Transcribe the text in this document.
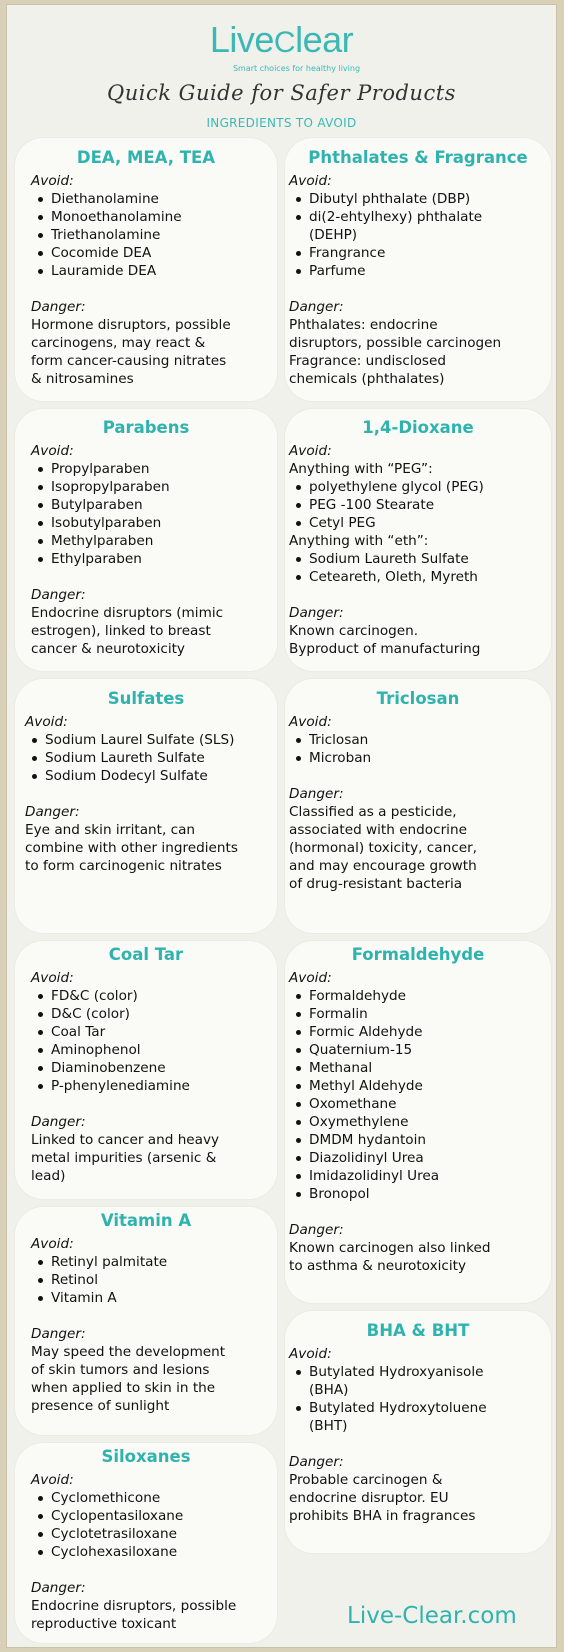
LiveClear
Smart choices for healthy living
Quick Guide for Safer Products
INGREDIENTS TO AVOID
DEA, MEA, TEA
Avoid:
Diethanolamine
Monoethanolamine
Triethanolamine
Cocomide DEA
Lauramide DEA
Danger:
Hormone disruptors, possible
carcinogens, may react &
form cancer-causing nitrates
& nitrosamines
Phthalates & Fragrance
Avoid:
Dibutyl phthalate (DBP)
di(2-ehtylhexy) phthalate (DEHP)
Frangrance
Parfume
Danger:
Phthalates: endocrine
disruptors, possible carcinogen
Fragrance: undisclosed
chemicals (phthalates)
Parabens
Avoid:
Propylparaben
Isopropylparaben
Butylparaben
Isobutylparaben
Methylparaben
Ethylparaben
Danger:
Endocrine disruptors (mimic
estrogen), linked to breast
cancer & neurotoxicity
1,4-Dioxane
Avoid:
Anything with “PEG”:
polyethylene glycol (PEG)
PEG -100 Stearate
Cetyl PEG
Anything with “eth”:
Sodium Laureth Sulfate
Ceteareth, Oleth, Myreth
Danger:
Known carcinogen.
Byproduct of manufacturing
Sulfates
Avoid:
Sodium Laurel Sulfate (SLS)
Sodium Laureth Sulfate
Sodium Dodecyl Sulfate
Danger:
Eye and skin irritant, can
combine with other ingredients
to form carcinogenic nitrates
Triclosan
Avoid:
Triclosan
Microban
Danger:
Classified as a pesticide,
associated with endocrine
(hormonal) toxicity, cancer,
and may encourage growth
of drug-resistant bacteria
Coal Tar
Avoid:
FD&C (color)
D&C (color)
Coal Tar
Aminophenol
Diaminobenzene
P-phenylenediamine
Danger:
Linked to cancer and heavy
metal impurities (arsenic &
lead)
Formaldehyde
Avoid:
Formaldehyde
Formalin
Formic Aldehyde
Quaternium-15
Methanal
Methyl Aldehyde
Oxomethane
Oxymethylene
DMDM hydantoin
Diazolidinyl Urea
Imidazolidinyl Urea
Bronopol
Danger:
Known carcinogen also linked
to asthma & neurotoxicity
Vitamin A
Avoid:
Retinyl palmitate
Retinol
Vitamin A
Danger:
May speed the development
of skin tumors and lesions
when applied to skin in the
presence of sunlight
BHA & BHT
Avoid:
Butylated Hydroxyanisole (BHA)
Butylated Hydroxytoluene (BHT)
Danger:
Probable carcinogen &
endocrine disruptor. EU
prohibits BHA in fragrances
Siloxanes
Avoid:
Cyclomethicone
Cyclopentasiloxane
Cyclotetrasiloxane
Cyclohexasiloxane
Danger:
Endocrine disruptors, possible
reproductive toxicant	Live-Clear.com
